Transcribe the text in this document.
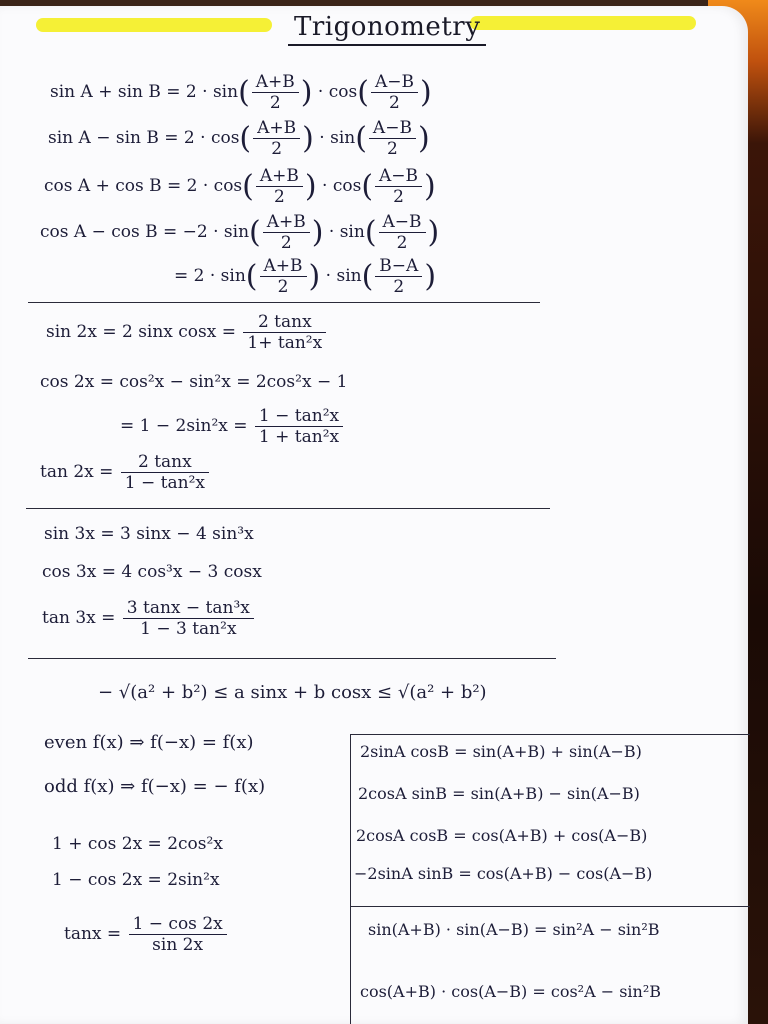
Trigonometry
$\sin A + \sin B = 2 \cdot \sin( \frac{A+B}{2}$ ) · $\cos( \frac{A-B}{2}$ )
$\sin A - \sin B = 2 \cdot \cos( \frac{A+B}{2}$ ) · $\sin( \frac{A-B}{2}$ )
$\cos A + \cos B = 2 \cdot \cos( \frac{A+B}{2}$ ) · $\cos( \frac{A-B}{2}$ )
$\cos A - \cos B = -2 \cdot \sin( \frac{A+B}{2}$ ) · $\sin( \frac{A-B}{2}$ )
= $2 \cdot \sin( \frac{A+B}{2}$ ) · $\sin( \frac{B-A}{2}$ )
sin 2x = 2 sinx $\cos x = \frac{2 \tan x}{\text{1+ tan²x}}$
cos 2x = cos²x − sin²x = 2cos²x − 1
= $1 - 2\sin^2x = \frac{\text{1 − tan²x}}{\text{1 + tan²x}}$
$\tan 2x = \frac{2 \tan x}{\text{1 − tan²x}}$
sin 3x = 3 sinx − 4 sin³x
cos 3x = 4 cos³x − 3 cosx
$\tan 3x = \frac{\text{3 tanx − tan³x}}{\text{1 − 3 tan²x}}$
− √(a² + b²) ≤ a sinx + b cosx ≤ √(a² + b²)
even f(x) ⇒ f(−x) = f(x)
odd f(x) ⇒ f(−x) = − f(x)
1 + cos 2x = 2cos²x
1 − cos 2x = 2sin²x
$\tan x = \frac{1 - \cos 2x}{\sin 2x}$
2sinA cosB = sin(A+B) + sin(A−B)
2cosA sinB = sin(A+B) − sin(A−B)
2cosA cosB = cos(A+B) + cos(A−B)
−2sinA sinB = cos(A+B) − cos(A−B)
sin(A+B) · sin(A−B) = sin²A − sin²B
cos(A+B) · cos(A−B) = cos²A − sin²B
